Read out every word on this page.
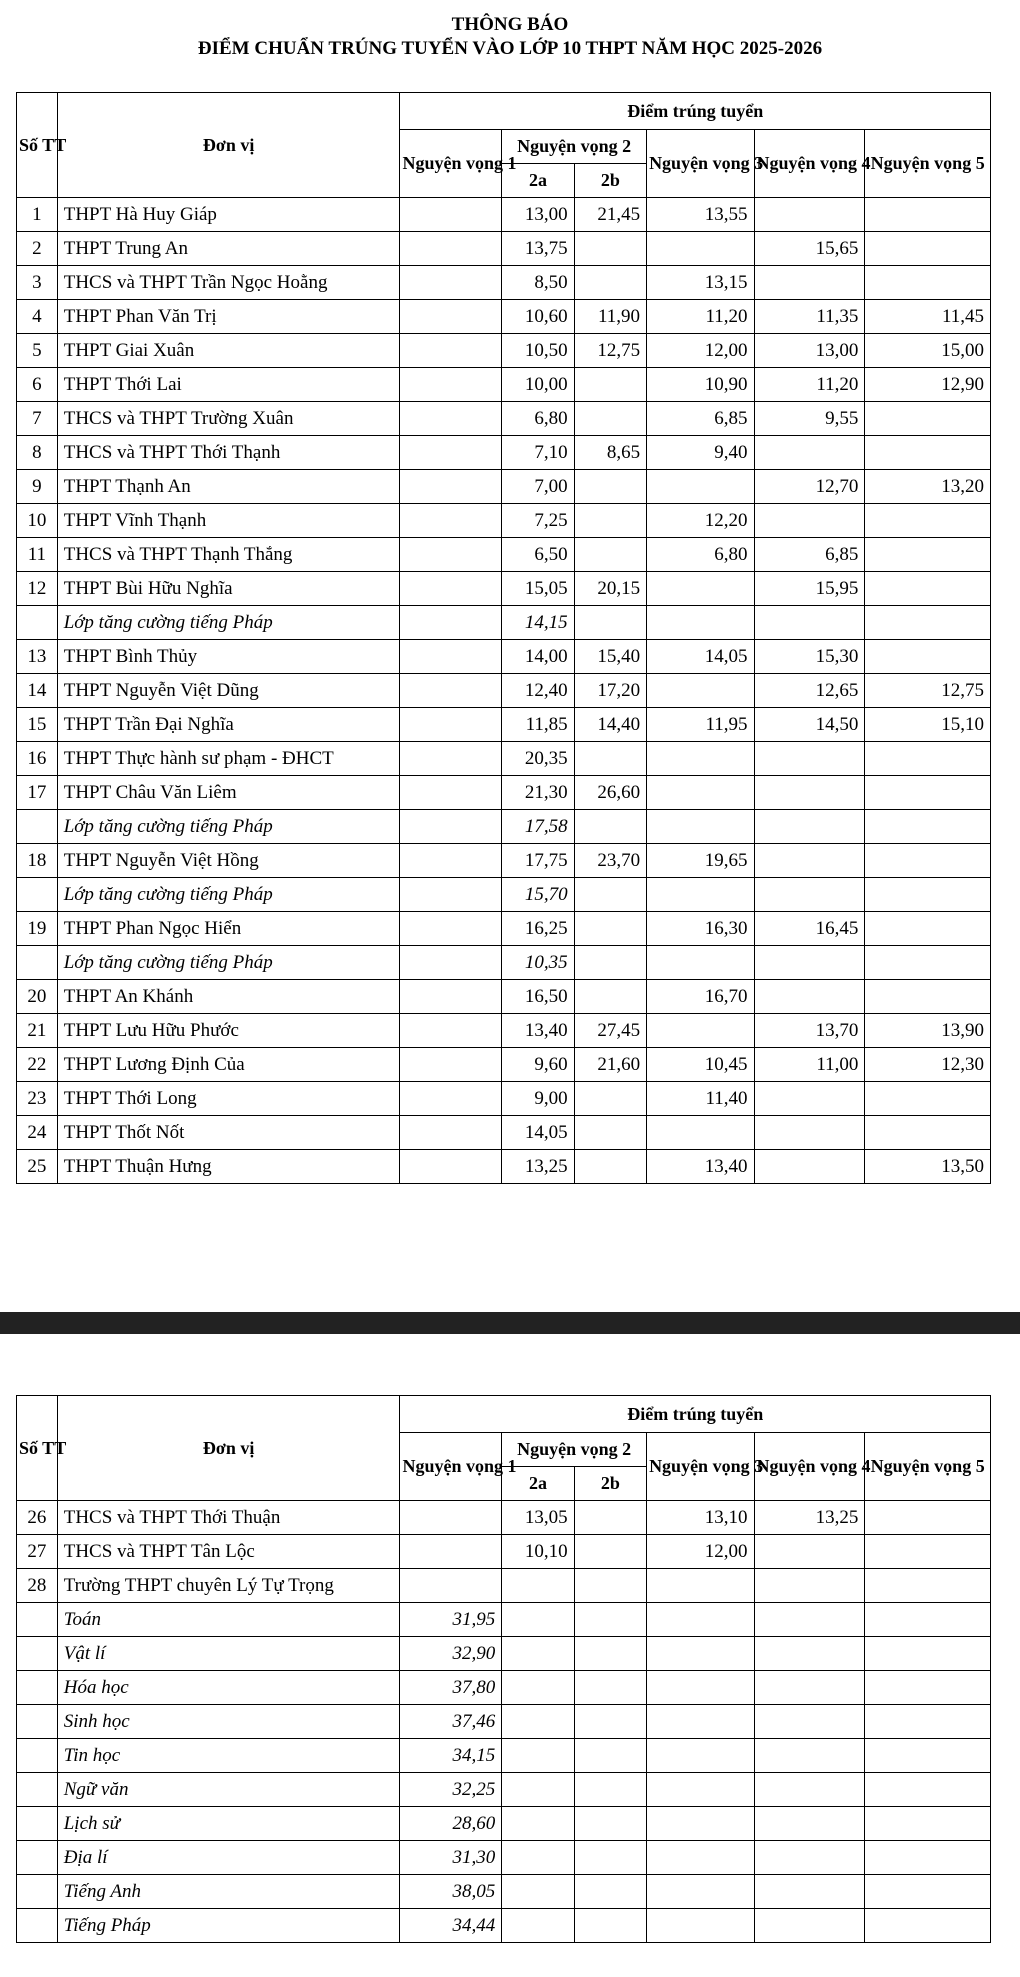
THÔNG BÁO
ĐIỂM CHUẨN TRÚNG TUYỂN VÀO LỚP 10 THPT NĂM HỌC 2025-2026
Số TT	Đơn vị	Điểm trúng tuyển					
		Nguyện vọng 1	Nguyện vọng 2		Nguyện vọng 3	Nguyện vọng 4	Nguyện vọng 5
			2a	2b			
1	THPT Hà Huy Giáp		13,00	21,45	13,55		
2	THPT Trung An		13,75			15,65	
3	THCS và THPT Trần Ngọc Hoằng		8,50		13,15		
4	THPT Phan Văn Trị		10,60	11,90	11,20	11,35	11,45
5	THPT Giai Xuân		10,50	12,75	12,00	13,00	15,00
6	THPT Thới Lai		10,00		10,90	11,20	12,90
7	THCS và THPT Trường Xuân		6,80		6,85	9,55	
8	THCS và THPT Thới Thạnh		7,10	8,65	9,40		
9	THPT Thạnh An		7,00			12,70	13,20
10	THPT Vĩnh Thạnh		7,25		12,20		
11	THCS và THPT Thạnh Thắng		6,50		6,80	6,85	
12	THPT Bùi Hữu Nghĩa		15,05	20,15		15,95	
	Lớp tăng cường tiếng Pháp		14,15				
13	THPT Bình Thủy		14,00	15,40	14,05	15,30	
14	THPT Nguyễn Việt Dũng		12,40	17,20		12,65	12,75
15	THPT Trần Đại Nghĩa		11,85	14,40	11,95	14,50	15,10
16	THPT Thực hành sư phạm - ĐHCT		20,35				
17	THPT Châu Văn Liêm		21,30	26,60			
	Lớp tăng cường tiếng Pháp		17,58				
18	THPT Nguyễn Việt Hồng		17,75	23,70	19,65		
	Lớp tăng cường tiếng Pháp		15,70				
19	THPT Phan Ngọc Hiển		16,25		16,30	16,45	
	Lớp tăng cường tiếng Pháp		10,35				
20	THPT An Khánh		16,50		16,70		
21	THPT Lưu Hữu Phước		13,40	27,45		13,70	13,90
22	THPT Lương Định Của		9,60	21,60	10,45	11,00	12,30
23	THPT Thới Long		9,00		11,40		
24	THPT Thốt Nốt		14,05				
25	THPT Thuận Hưng		13,25		13,40		13,50
Số TT	Đơn vị	Điểm trúng tuyển					
		Nguyện vọng 1	Nguyện vọng 2		Nguyện vọng 3	Nguyện vọng 4	Nguyện vọng 5
			2a	2b			
26	THCS và THPT Thới Thuận		13,05		13,10	13,25	
27	THCS và THPT Tân Lộc		10,10		12,00		
28	Trường THPT chuyên Lý Tự Trọng						
	Toán	31,95					
	Vật lí	32,90					
	Hóa học	37,80					
	Sinh học	37,46					
	Tin học	34,15					
	Ngữ văn	32,25					
	Lịch sử	28,60					
	Địa lí	31,30					
	Tiếng Anh	38,05					
	Tiếng Pháp	34,44					
